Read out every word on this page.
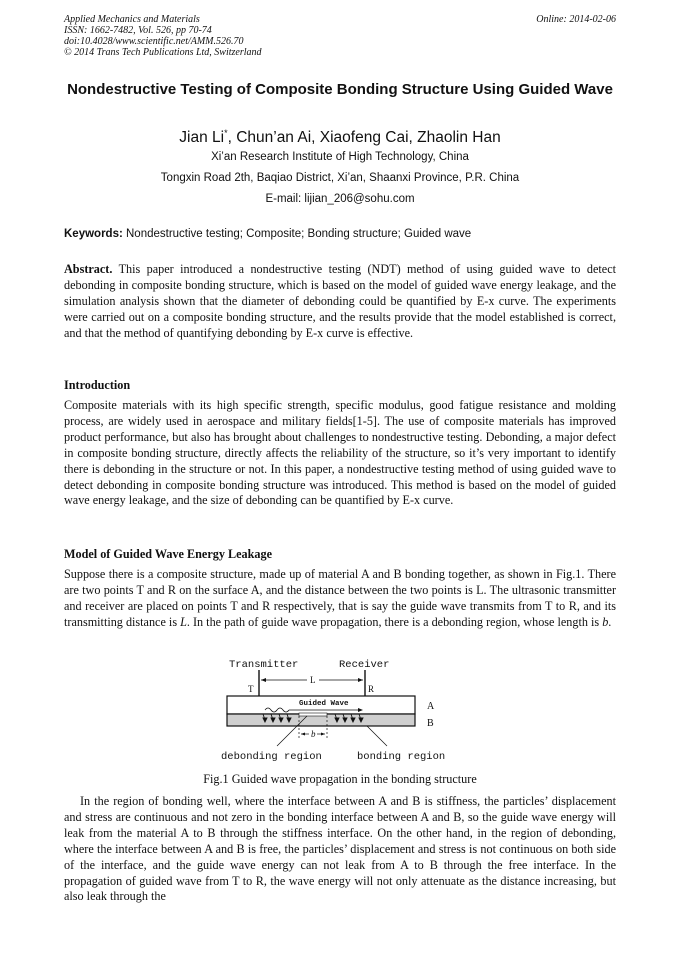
Applied Mechanics and Materials
ISSN: 1662-7482, Vol. 526, pp 70-74
doi:10.4028/www.scientific.net/AMM.526.70
© 2014 Trans Tech Publications Ltd, Switzerland
Online: 2014-02-06
Nondestructive Testing of Composite Bonding Structure Using Guided Wave
Jian Li*, Chun’an Ai, Xiaofeng Cai, Zhaolin Han
Xi’an Research Institute of High Technology, China
Tongxin Road 2th, Baqiao District, Xi’an, Shaanxi Province, P.R. China
E-mail: lijian_206@sohu.com
Keywords: Nondestructive testing; Composite; Bonding structure; Guided wave
Abstract. This paper introduced a nondestructive testing (NDT) method of using guided wave to detect debonding in composite bonding structure, which is based on the model of guided wave energy leakage, and the simulation analysis shown that the diameter of debonding could be quantified by E-x curve. The experiments were carried out on a composite bonding structure, and the results provide that the model established is correct, and that the method of quantifying debonding by E-x curve is effective.
Introduction
Composite materials with its high specific strength, specific modulus, good fatigue resistance and molding process, are widely used in aerospace and military fields[1-5]. The use of composite materials has improved product performance, but also has brought about challenges to nondestructive testing. Debonding, a major defect in composite bonding structure, directly affects the reliability of the structure, so it’s very important to identify there is debonding in the structure or not. In this paper, a nondestructive testing method of using guided wave to detect debonding in composite bonding structure was introduced. This method is based on the model of guided wave energy leakage, and the size of debonding can be quantified by E-x curve.
Model of Guided Wave Energy Leakage
Suppose there is a composite structure, made up of material A and B bonding together, as shown in Fig.1. There are two points T and R on the surface A, and the distance between the two points is L. The ultrasonic transmitter and receiver are placed on points T and R respectively, that is say the guide wave transmits from T to R, and its transmitting distance is L. In the path of guide wave propagation, there is a debonding region, whose length is b.
Transmitter	Receiver
T	R
L
A
B
Guided Wave
b
debonding region	bonding region
Fig.1 Guided wave propagation in the bonding structure
In the region of bonding well, where the interface between A and B is stiffness, the particles’ displacement and stress are continuous and not zero in the bonding interface between A and B, so the guide wave energy will leak from the material A to B through the stiffness interface. On the other hand, in the region of debonding, where the interface between A and B is free, the particles’ displacement and stress is not continuous on both side of the interface, and the guide wave energy can not leak from A to B through the free interface. In the propagation of guided wave from T to R, the wave energy will not only attenuate as the distance increasing, but also leak through the
